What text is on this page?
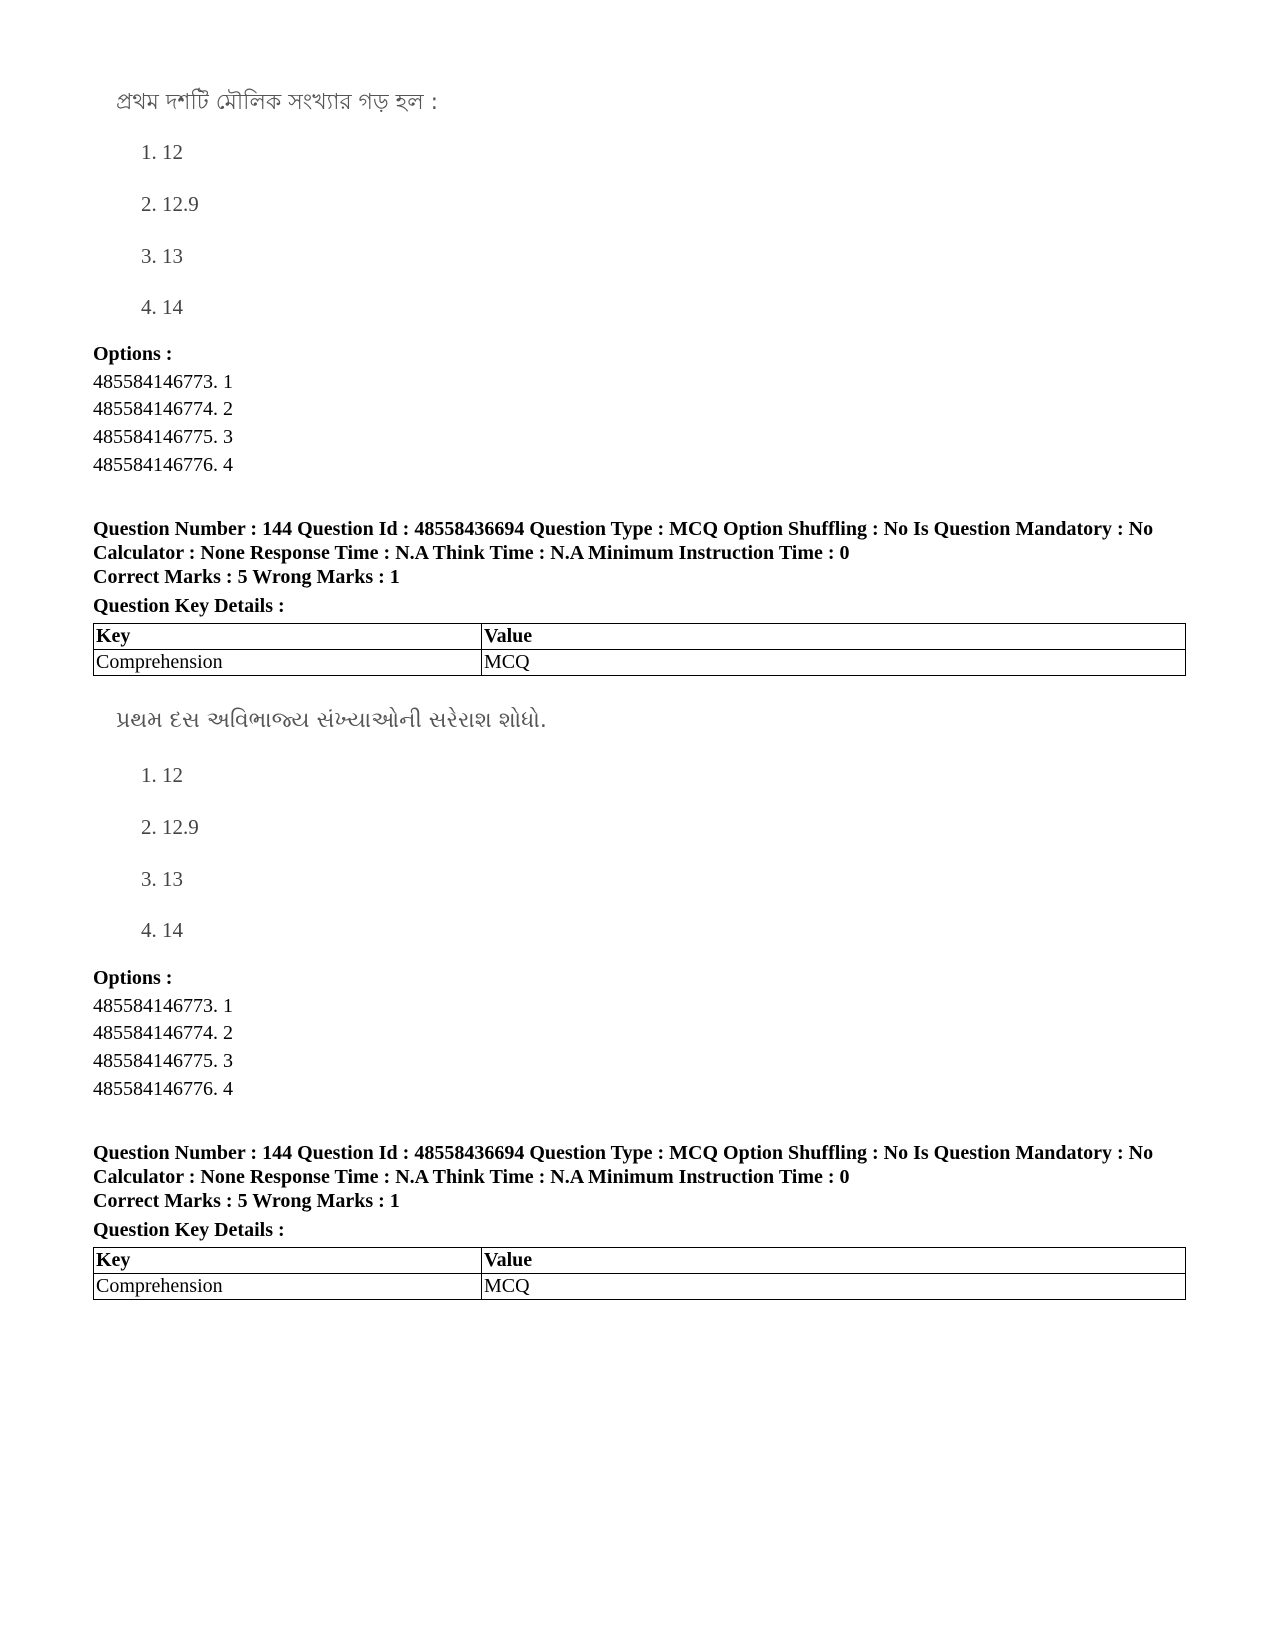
প্রথম দশটি মৌলিক সংখ্যার গড় হল :
1. 12
2. 12.9
3. 13
4. 14
Options :
485584146773. 1
485584146774. 2
485584146775. 3
485584146776. 4
Question Number : 144 Question Id : 48558436694 Question Type : MCQ Option Shuffling : No Is Question Mandatory : No Calculator : None Response Time : N.A Think Time : N.A Minimum Instruction Time : 0
Correct Marks : 5 Wrong Marks : 1
Question Key Details :
Key	Value
Comprehension	MCQ
પ્રથમ દસ અવિભાજ્ય સંખ્યાઓની સરેરાશ શોધો.
1. 12
2. 12.9
3. 13
4. 14
Options :
485584146773. 1
485584146774. 2
485584146775. 3
485584146776. 4
Question Number : 144 Question Id : 48558436694 Question Type : MCQ Option Shuffling : No Is Question Mandatory : No Calculator : None Response Time : N.A Think Time : N.A Minimum Instruction Time : 0
Correct Marks : 5 Wrong Marks : 1
Question Key Details :
Key	Value
Comprehension	MCQ
